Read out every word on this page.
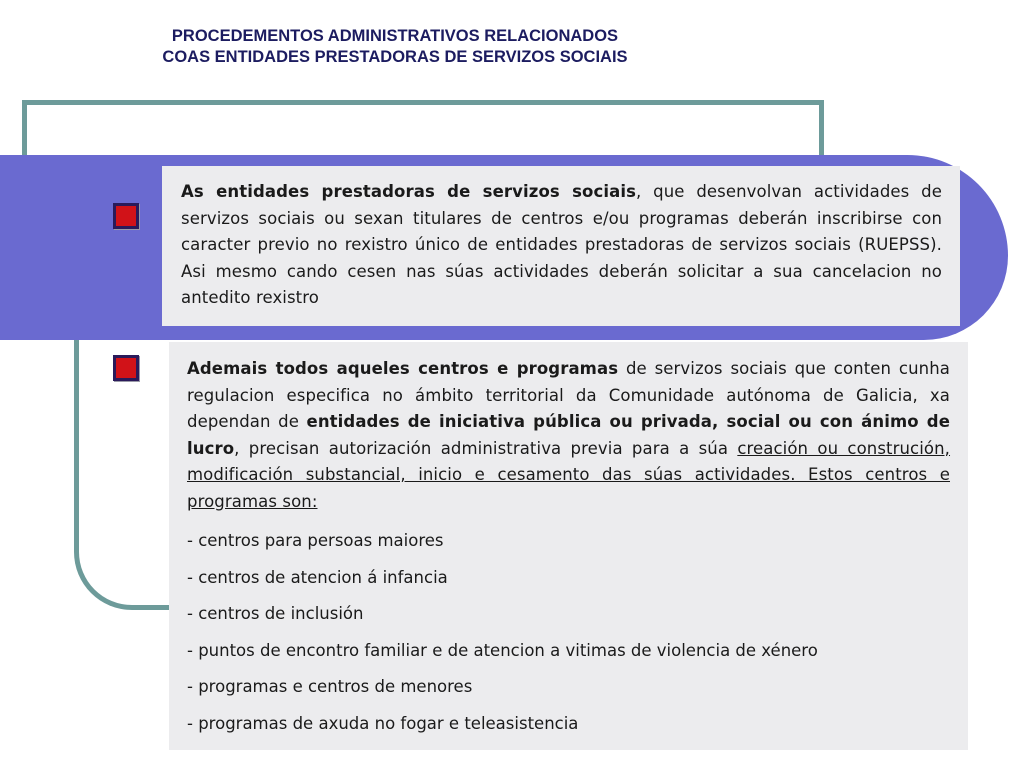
PROCEDEMENTOS ADMINISTRATIVOS RELACIONADOS
COAS ENTIDADES PRESTADORAS DE SERVIZOS SOCIAIS
As entidades prestadoras de servizos sociais, que desenvolvan actividades de servizos sociais ou sexan titulares de centros e/ou programas deberán inscribirse con caracter previo no rexistro único de entidades prestadoras de servizos sociais (RUEPSS). Asi mesmo cando cesen nas súas actividades deberán solicitar a sua cancelacion no antedito rexistro
Ademais todos aqueles centros e programas de servizos sociais que conten cunha regulacion especifica no ámbito territorial da Comunidade autónoma de Galicia, xa dependan de entidades de iniciativa pública ou privada, social ou con ánimo de lucro, precisan autorización administrativa previa para a súa creación ou construción, modificación substancial, inicio e cesamento das súas actividades. Estos centros e programas son:
- centros para persoas maiores
- centros de atencion á infancia
- centros de inclusión
- puntos de encontro familiar e de atencion a vitimas de violencia de xénero
- programas e centros de menores
- programas de axuda no fogar e teleasistencia
